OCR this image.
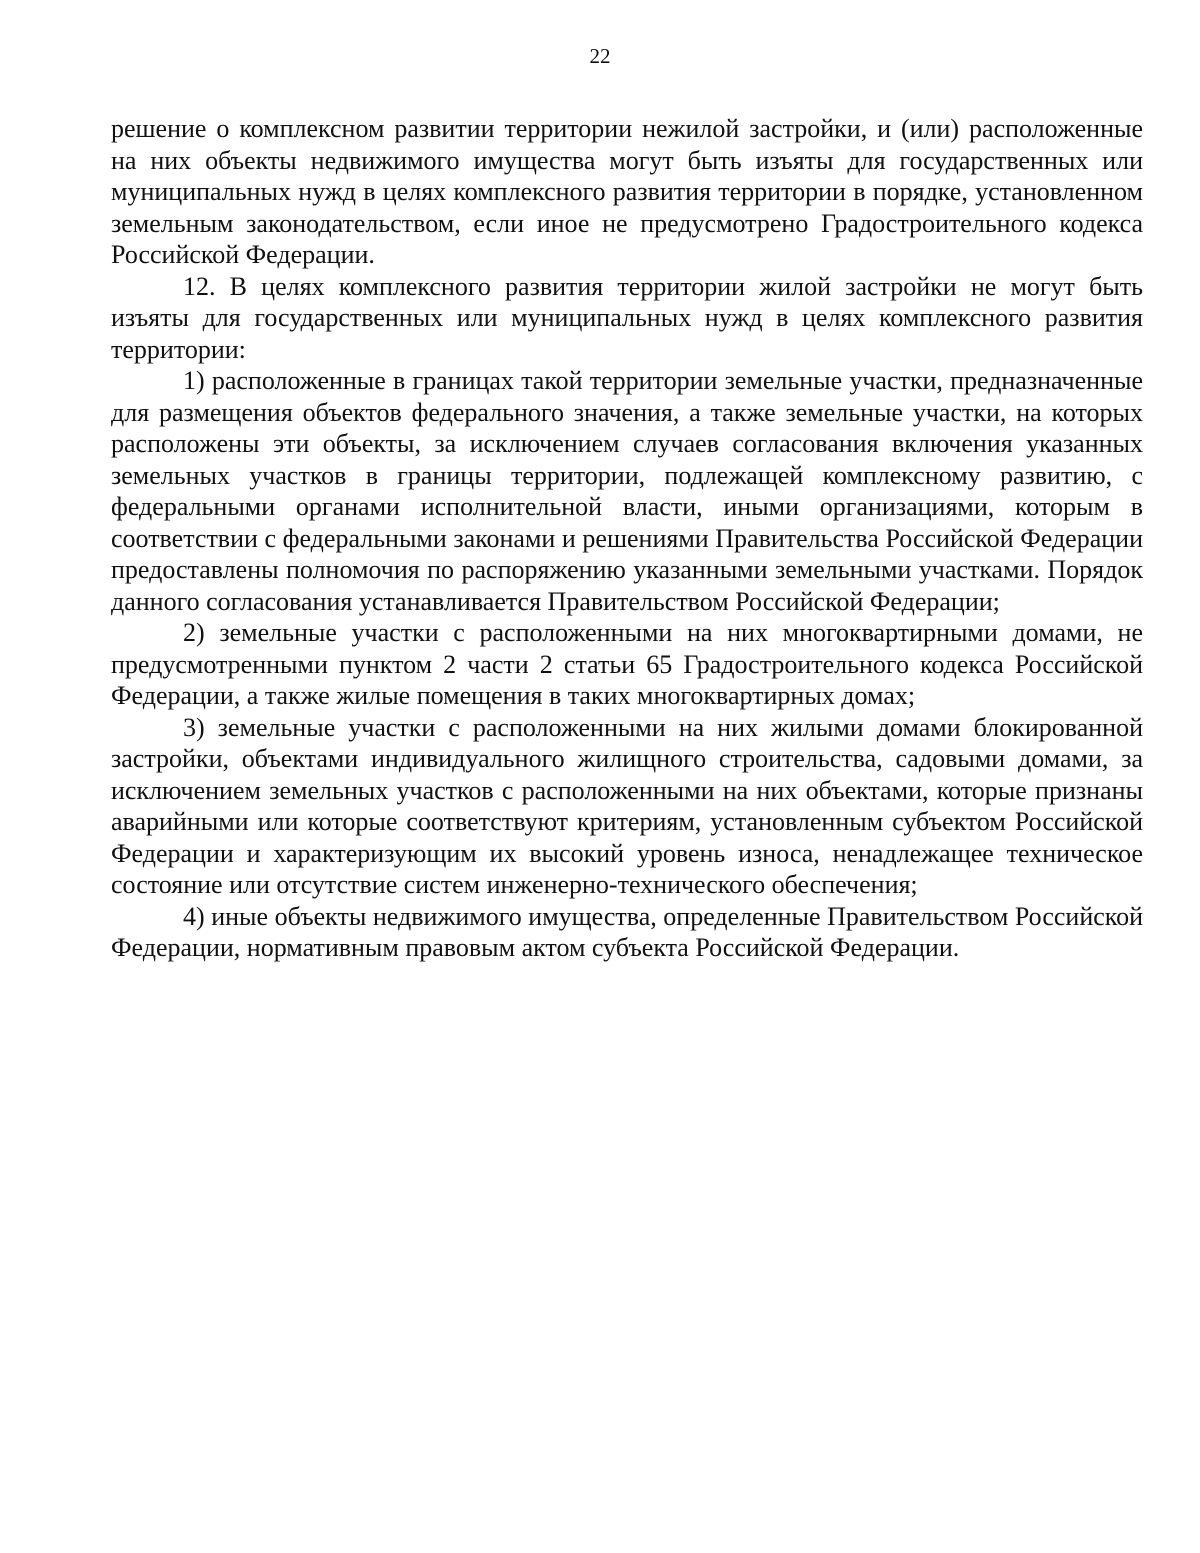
22

решение о комплексном развитии территории нежилой застройки, и (или) расположенные на них объекты недвижимого имущества могут быть изъяты для государственных или муниципальных нужд в целях комплексного развития территории в порядке, установленном земельным законодательством, если иное не предусмотрено Градостроительного кодекса Российской Федерации.

12. В целях комплексного развития территории жилой застройки не могут быть изъяты для государственных или муниципальных нужд в целях комплексного развития территории:

1) расположенные в границах такой территории земельные участки, предназначенные для размещения объектов федерального значения, а также земельные участки, на которых расположены эти объекты, за исключением случаев согласования включения указанных земельных участков в границы территории, подлежащей комплексному развитию, с федеральными органами исполнительной власти, иными организациями, которым в соответствии с федеральными законами и решениями Правительства Российской Федерации предоставлены полномочия по распоряжению указанными земельными участками. Порядок данного согласования устанавливается Правительством Российской Федерации;

2) земельные участки с расположенными на них многоквартирными домами, не предусмотренными пунктом 2 части 2 статьи 65 Градостроительного кодекса Российской Федерации, а также жилые помещения в таких многоквартирных домах;

3) земельные участки с расположенными на них жилыми домами блокированной застройки, объектами индивидуального жилищного строительства, садовыми домами, за исключением земельных участков с расположенными на них объектами, которые признаны аварийными или которые соответствуют критериям, установленным субъектом Российской Федерации и характеризующим их высокий уровень износа, ненадлежащее техническое состояние или отсутствие систем инженерно-технического обеспечения;

4) иные объекты недвижимого имущества, определенные Правительством Российской Федерации, нормативным правовым актом субъекта Российской Федерации.
